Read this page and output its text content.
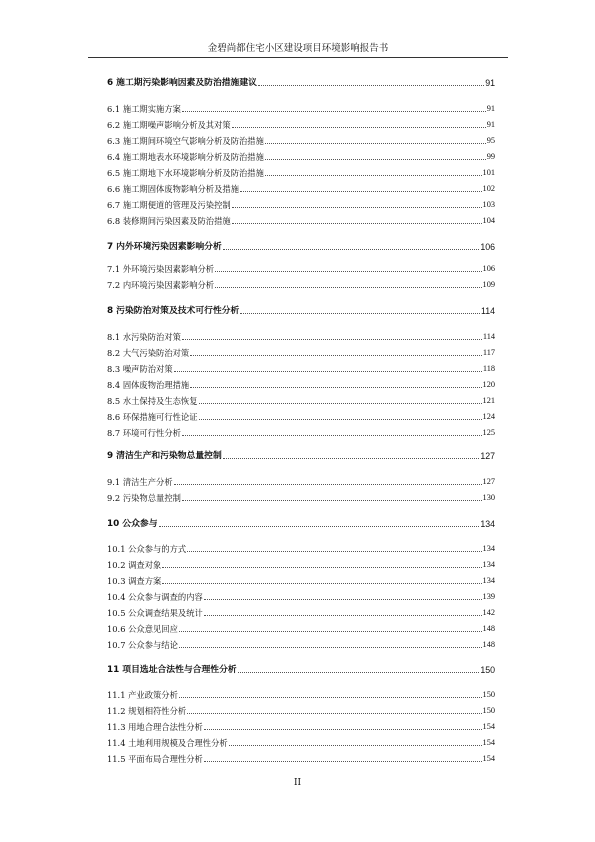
金碧尚都住宅小区建设项目环境影响报告书
6 施工期污染影响因素及防治措施建议	91
6.1 施工期实施方案	91
6.2 施工期噪声影响分析及其对策	91
6.3 施工期间环境空气影响分析及防治措施	95
6.4 施工期地表水环境影响分析及防治措施	99
6.5 施工期地下水环境影响分析及防治措施	101
6.6 施工期固体废物影响分析及措施	102
6.7 施工期便道的管理及污染控制	103
6.8 装修期间污染因素及防治措施	104
7 内外环境污染因素影响分析	106
7.1 外环境污染因素影响分析	106
7.2 内环境污染因素影响分析	109
8 污染防治对策及技术可行性分析	114
8.1 水污染防治对策	114
8.2 大气污染防治对策	117
8.3 噪声防治对策	118
8.4 固体废物治理措施	120
8.5 水土保持及生态恢复	121
8.6 环保措施可行性论证	124
8.7 环境可行性分析	125
9 清洁生产和污染物总量控制	127
9.1 清洁生产分析	127
9.2 污染物总量控制	130
10 公众参与	134
10.1 公众参与的方式	134
10.2 调查对象	134
10.3 调查方案	134
10.4 公众参与调查的内容	139
10.5 公众调查结果及统计	142
10.6 公众意见回应	148
10.7 公众参与结论	148
11 项目选址合法性与合理性分析	150
11.1 产业政策分析	150
11.2 规划相符性分析	150
11.3 用地合理合法性分析	154
11.4 土地利用规模及合理性分析	154
11.5 平面布局合理性分析	154
II
